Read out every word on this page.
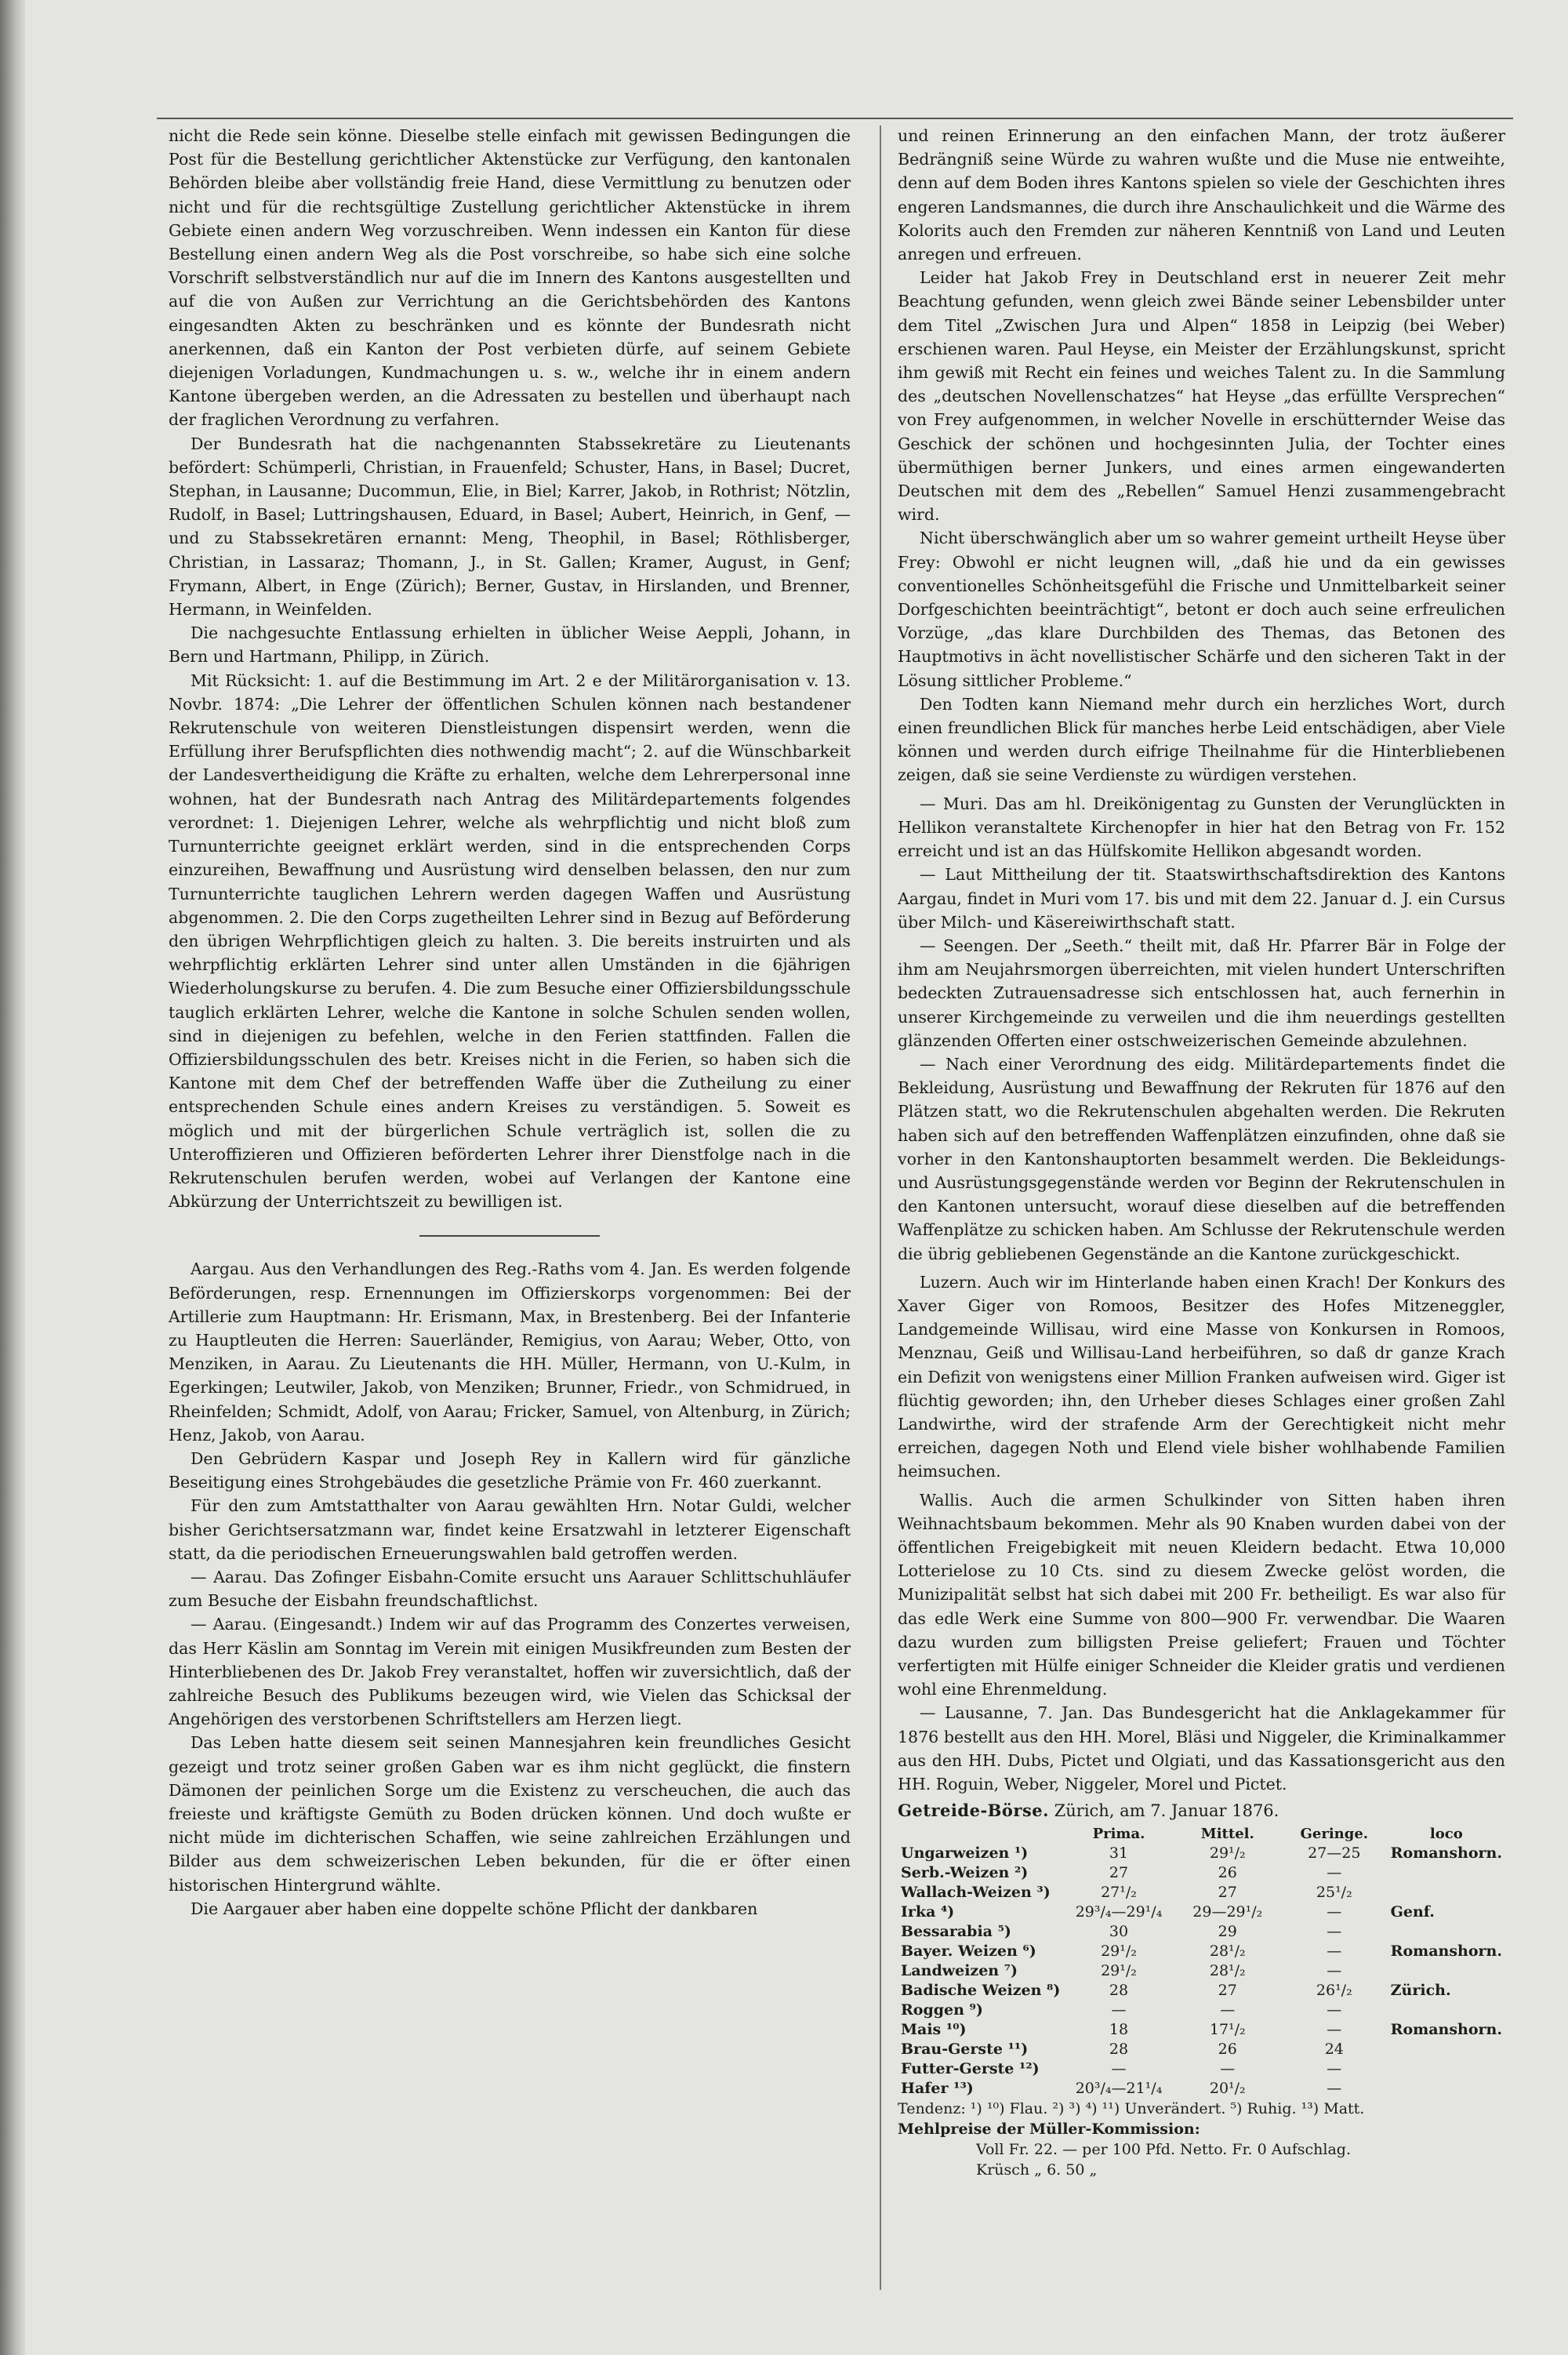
nicht die Rede sein könne. Dieselbe stelle einfach mit gewissen Bedingungen die Post für die Bestellung gerichtlicher Aktenstücke zur Verfügung, den kantonalen Behörden bleibe aber vollständig freie Hand, diese Vermittlung zu benutzen oder nicht und für die rechtsgültige Zustellung gerichtlicher Aktenstücke in ihrem Gebiete einen andern Weg vorzuschreiben. Wenn indessen ein Kanton für diese Bestellung einen andern Weg als die Post vorschreibe, so habe sich eine solche Vorschrift selbstverständlich nur auf die im Innern des Kantons ausgestellten und auf die von Außen zur Verrichtung an die Gerichtsbehörden des Kantons eingesandten Akten zu beschränken und es könnte der Bundesrath nicht anerkennen, daß ein Kanton der Post verbieten dürfe, auf seinem Gebiete diejenigen Vorladungen, Kundmachungen u. s. w., welche ihr in einem andern Kantone übergeben werden, an die Adressaten zu bestellen und überhaupt nach der fraglichen Verordnung zu verfahren.

Der Bundesrath hat die nachgenannten Stabssekretäre zu Lieutenants befördert: Schümperli, Christian, in Frauenfeld; Schuster, Hans, in Basel; Ducret, Stephan, in Lausanne; Ducommun, Elie, in Biel; Karrer, Jakob, in Rothrist; Nötzlin, Rudolf, in Basel; Luttringshausen, Eduard, in Basel; Aubert, Heinrich, in Genf, — und zu Stabssekretären ernannt: Meng, Theophil, in Basel; Röthlisberger, Christian, in Lassaraz; Thomann, J., in St. Gallen; Kramer, August, in Genf; Frymann, Albert, in Enge (Zürich); Berner, Gustav, in Hirslanden, und Brenner, Hermann, in Weinfelden.

Die nachgesuchte Entlassung erhielten in üblicher Weise Aeppli, Johann, in Bern und Hartmann, Philipp, in Zürich.

Mit Rücksicht: 1. auf die Bestimmung im Art. 2 e der Militärorganisation v. 13. Novbr. 1874: „Die Lehrer der öffentlichen Schulen können nach bestandener Rekrutenschule von weiteren Dienstleistungen dispensirt werden, wenn die Erfüllung ihrer Berufspflichten dies nothwendig macht“; 2. auf die Wünschbarkeit der Landesvertheidigung die Kräfte zu erhalten, welche dem Lehrerpersonal inne wohnen, hat der Bundesrath nach Antrag des Militärdepartements folgendes verordnet: 1. Diejenigen Lehrer, welche als wehrpflichtig und nicht bloß zum Turnunterrichte geeignet erklärt werden, sind in die entsprechenden Corps einzureihen, Bewaffnung und Ausrüstung wird denselben belassen, den nur zum Turnunterrichte tauglichen Lehrern werden dagegen Waffen und Ausrüstung abgenommen. 2. Die den Corps zugetheilten Lehrer sind in Bezug auf Beförderung den übrigen Wehrpflichtigen gleich zu halten. 3. Die bereits instruirten und als wehrpflichtig erklärten Lehrer sind unter allen Umständen in die 6jährigen Wiederholungskurse zu berufen. 4. Die zum Besuche einer Offiziersbildungsschule tauglich erklärten Lehrer, welche die Kantone in solche Schulen senden wollen, sind in diejenigen zu befehlen, welche in den Ferien stattfinden. Fallen die Offiziersbildungsschulen des betr. Kreises nicht in die Ferien, so haben sich die Kantone mit dem Chef der betreffenden Waffe über die Zutheilung zu einer entsprechenden Schule eines andern Kreises zu verständigen. 5. Soweit es möglich und mit der bürgerlichen Schule verträglich ist, sollen die zu Unteroffizieren und Offizieren beförderten Lehrer ihrer Dienstfolge nach in die Rekrutenschulen berufen werden, wobei auf Verlangen der Kantone eine Abkürzung der Unterrichtszeit zu bewilligen ist.

Aargau. Aus den Verhandlungen des Reg.-Raths vom 4. Jan. Es werden folgende Beförderungen, resp. Ernennungen im Offizierskorps vorgenommen: Bei der Artillerie zum Hauptmann: Hr. Erismann, Max, in Brestenberg. Bei der Infanterie zu Hauptleuten die Herren: Sauerländer, Remigius, von Aarau; Weber, Otto, von Menziken, in Aarau. Zu Lieutenants die HH. Müller, Hermann, von U.-Kulm, in Egerkingen; Leutwiler, Jakob, von Menziken; Brunner, Friedr., von Schmidrued, in Rheinfelden; Schmidt, Adolf, von Aarau; Fricker, Samuel, von Altenburg, in Zürich; Henz, Jakob, von Aarau.

Den Gebrüdern Kaspar und Joseph Rey in Kallern wird für gänzliche Beseitigung eines Strohgebäudes die gesetzliche Prämie von Fr. 460 zuerkannt.

Für den zum Amtstatthalter von Aarau gewählten Hrn. Notar Guldi, welcher bisher Gerichtsersatzmann war, findet keine Ersatzwahl in letzterer Eigenschaft statt, da die periodischen Erneuerungswahlen bald getroffen werden.

— Aarau. Das Zofinger Eisbahn-Comite ersucht uns Aarauer Schlittschuhläufer zum Besuche der Eisbahn freundschaftlichst.

— Aarau. (Eingesandt.) Indem wir auf das Programm des Conzertes verweisen, das Herr Käslin am Sonntag im Verein mit einigen Musikfreunden zum Besten der Hinterbliebenen des Dr. Jakob Frey veranstaltet, hoffen wir zuversichtlich, daß der zahlreiche Besuch des Publikums bezeugen wird, wie Vielen das Schicksal der Angehörigen des verstorbenen Schriftstellers am Herzen liegt.

Das Leben hatte diesem seit seinen Mannesjahren kein freundliches Gesicht gezeigt und trotz seiner großen Gaben war es ihm nicht geglückt, die finstern Dämonen der peinlichen Sorge um die Existenz zu verscheuchen, die auch das freieste und kräftigste Gemüth zu Boden drücken können. Und doch wußte er nicht müde im dichterischen Schaffen, wie seine zahlreichen Erzählungen und Bilder aus dem schweizerischen Leben bekunden, für die er öfter einen historischen Hintergrund wählte.

Die Aargauer aber haben eine doppelte schöne Pflicht der dankbaren

und reinen Erinnerung an den einfachen Mann, der trotz äußerer Bedrängniß seine Würde zu wahren wußte und die Muse nie entweihte, denn auf dem Boden ihres Kantons spielen so viele der Geschichten ihres engeren Landsmannes, die durch ihre Anschaulichkeit und die Wärme des Kolorits auch den Fremden zur näheren Kenntniß von Land und Leuten anregen und erfreuen.

Leider hat Jakob Frey in Deutschland erst in neuerer Zeit mehr Beachtung gefunden, wenn gleich zwei Bände seiner Lebensbilder unter dem Titel „Zwischen Jura und Alpen“ 1858 in Leipzig (bei Weber) erschienen waren. Paul Heyse, ein Meister der Erzählungskunst, spricht ihm gewiß mit Recht ein feines und weiches Talent zu. In die Sammlung des „deutschen Novellenschatzes“ hat Heyse „das erfüllte Versprechen“ von Frey aufgenommen, in welcher Novelle in erschütternder Weise das Geschick der schönen und hochgesinnten Julia, der Tochter eines übermüthigen berner Junkers, und eines armen eingewanderten Deutschen mit dem des „Rebellen“ Samuel Henzi zusammengebracht wird.

Nicht überschwänglich aber um so wahrer gemeint urtheilt Heyse über Frey: Obwohl er nicht leugnen will, „daß hie und da ein gewisses conventionelles Schönheitsgefühl die Frische und Unmittelbarkeit seiner Dorfgeschichten beeinträchtigt“, betont er doch auch seine erfreulichen Vorzüge, „das klare Durchbilden des Themas, das Betonen des Hauptmotivs in ächt novellistischer Schärfe und den sicheren Takt in der Lösung sittlicher Probleme.“

Den Todten kann Niemand mehr durch ein herzliches Wort, durch einen freundlichen Blick für manches herbe Leid entschädigen, aber Viele können und werden durch eifrige Theilnahme für die Hinterbliebenen zeigen, daß sie seine Verdienste zu würdigen verstehen.

— Muri. Das am hl. Dreikönigentag zu Gunsten der Verunglückten in Hellikon veranstaltete Kirchenopfer in hier hat den Betrag von Fr. 152 erreicht und ist an das Hülfskomite Hellikon abgesandt worden.

— Laut Mittheilung der tit. Staatswirthschaftsdirektion des Kantons Aargau, findet in Muri vom 17. bis und mit dem 22. Januar d. J. ein Cursus über Milch- und Käsereiwirthschaft statt.

— Seengen. Der „Seeth.“ theilt mit, daß Hr. Pfarrer Bär in Folge der ihm am Neujahrsmorgen überreichten, mit vielen hundert Unterschriften bedeckten Zutrauensadresse sich entschlossen hat, auch fernerhin in unserer Kirchgemeinde zu verweilen und die ihm neuerdings gestellten glänzenden Offerten einer ostschweizerischen Gemeinde abzulehnen.

— Nach einer Verordnung des eidg. Militärdepartements findet die Bekleidung, Ausrüstung und Bewaffnung der Rekruten für 1876 auf den Plätzen statt, wo die Rekrutenschulen abgehalten werden. Die Rekruten haben sich auf den betreffenden Waffenplätzen einzufinden, ohne daß sie vorher in den Kantonshauptorten besammelt werden. Die Bekleidungs- und Ausrüstungsgegenstände werden vor Beginn der Rekrutenschulen in den Kantonen untersucht, worauf diese dieselben auf die betreffenden Waffenplätze zu schicken haben. Am Schlusse der Rekrutenschule werden die übrig gebliebenen Gegenstände an die Kantone zurückgeschickt.

Luzern. Auch wir im Hinterlande haben einen Krach! Der Konkurs des Xaver Giger von Romoos, Besitzer des Hofes Mitzeneggler, Landgemeinde Willisau, wird eine Masse von Konkursen in Romoos, Menznau, Geiß und Willisau-Land herbeiführen, so daß dr ganze Krach ein Defizit von wenigstens einer Million Franken aufweisen wird. Giger ist flüchtig geworden; ihn, den Urheber dieses Schlages einer großen Zahl Landwirthe, wird der strafende Arm der Gerechtigkeit nicht mehr erreichen, dagegen Noth und Elend viele bisher wohlhabende Familien heimsuchen.

Wallis. Auch die armen Schulkinder von Sitten haben ihren Weihnachtsbaum bekommen. Mehr als 90 Knaben wurden dabei von der öffentlichen Freigebigkeit mit neuen Kleidern bedacht. Etwa 10,000 Lotterielose zu 10 Cts. sind zu diesem Zwecke gelöst worden, die Munizipalität selbst hat sich dabei mit 200 Fr. betheiligt. Es war also für das edle Werk eine Summe von 800—900 Fr. verwendbar. Die Waaren dazu wurden zum billigsten Preise geliefert; Frauen und Töchter verfertigten mit Hülfe einiger Schneider die Kleider gratis und verdienen wohl eine Ehrenmeldung.

— Lausanne, 7. Jan. Das Bundesgericht hat die Anklagekammer für 1876 bestellt aus den HH. Morel, Bläsi und Niggeler, die Kriminalkammer aus den HH. Dubs, Pictet und Olgiati, und das Kassationsgericht aus den HH. Roguin, Weber, Niggeler, Morel und Pictet.

Getreide-Börse. Zürich, am 7. Januar 1876.
	Prima.	Mittel.	Geringe.	loco
Ungarweizen ¹)	31	29¹/₂	27—25	Romanshorn.
Serb.-Weizen ²)	27	26	—	
Wallach-Weizen ³)	27¹/₂	27	25¹/₂	
Irka ⁴)	29³/₄—29¹/₄	29—29¹/₂	—	Genf.
Bessarabia ⁵)	30	29	—	
Bayer. Weizen ⁶)	29¹/₂	28¹/₂	—	Romanshorn.
Landweizen ⁷)	29¹/₂	28¹/₂	—	
Badische Weizen ⁸)	28	27	26¹/₂	Zürich.
Roggen ⁹)	—	—	—	
Mais ¹⁰)	18	17¹/₂	—	Romanshorn.
Brau-Gerste ¹¹)	28	26	24	
Futter-Gerste ¹²)	—	—	—	
Hafer ¹³)	20³/₄—21¹/₄	20¹/₂	—	

Tendenz: ¹) ¹⁰) Flau. ²) ³) ⁴) ¹¹) Unverändert. ⁵) Ruhig. ¹³) Matt.

Mehlpreise der Müller-Kommission:
Voll Fr. 22. — per 100 Pfd. Netto. Fr. 0 Aufschlag.
Krüsch „ 6. 50 „
